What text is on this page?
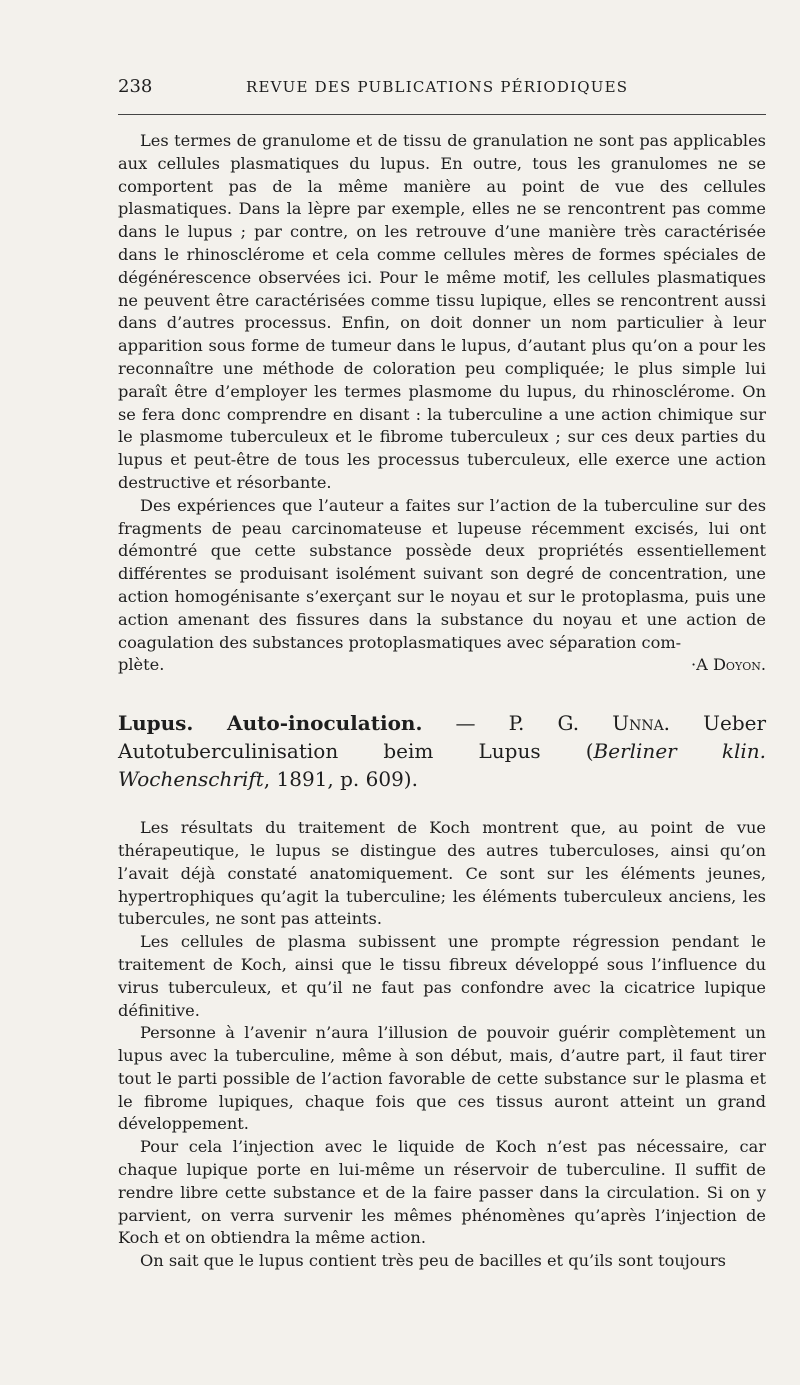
238	REVUE DES PUBLICATIONS PÉRIODIQUES

Les termes de granulome et de tissu de granulation ne sont pas applicables aux cellules plasmatiques du lupus. En outre, tous les granulomes ne se comportent pas de la même manière au point de vue des cellules plasmatiques. Dans la lèpre par exemple, elles ne se rencontrent pas comme dans le lupus ; par contre, on les retrouve d’une manière très caractérisée dans le rhinosclérome et cela comme cellules mères de formes spéciales de dégénérescence observées ici. Pour le même motif, les cellules plasmatiques ne peuvent être caractérisées comme tissu lupique, elles se rencontrent aussi dans d’autres processus. Enfin, on doit donner un nom particulier à leur apparition sous forme de tumeur dans le lupus, d’autant plus qu’on a pour les reconnaître une méthode de coloration peu compliquée; le plus simple lui paraît être d’employer les termes plasmome du lupus, du rhinosclérome. On se fera donc comprendre en disant : la tuberculine a une action chimique sur le plasmome tuberculeux et le fibrome tuberculeux ; sur ces deux parties du lupus et peut-être de tous les processus tuberculeux, elle exerce une action destructive et résorbante.

Des expériences que l’auteur a faites sur l’action de la tuberculine sur des fragments de peau carcinomateuse et lupeuse récemment excisés, lui ont démontré que cette substance possède deux propriétés essentiellement différentes se produisant isolément suivant son degré de concentration, une action homogénisante s’exerçant sur le noyau et sur le protoplasma, puis une action amenant des fissures dans la substance du noyau et une action de coagulation des substances protoplasmatiques avec séparation com-

plète.	·A Doyon.
Lupus. Auto-inoculation. — P. G. Unna. Ueber Autotuberculinisation beim Lupus (Berliner klin. Wochenschrift, 1891, p. 609).

Les résultats du traitement de Koch montrent que, au point de vue thérapeutique, le lupus se distingue des autres tuberculoses, ainsi qu’on l’avait déjà constaté anatomiquement. Ce sont sur les éléments jeunes, hypertrophiques qu’agit la tuberculine; les éléments tuberculeux anciens, les tubercules, ne sont pas atteints.

Les cellules de plasma subissent une prompte régression pendant le traitement de Koch, ainsi que le tissu fibreux développé sous l’influence du virus tuberculeux, et qu’il ne faut pas confondre avec la cicatrice lupique définitive.

Personne à l’avenir n’aura l’illusion de pouvoir guérir complètement un lupus avec la tuberculine, même à son début, mais, d’autre part, il faut tirer tout le parti possible de l’action favorable de cette substance sur le plasma et le fibrome lupiques, chaque fois que ces tissus auront atteint un grand développement.

Pour cela l’injection avec le liquide de Koch n’est pas nécessaire, car chaque lupique porte en lui-même un réservoir de tuberculine. Il suffit de rendre libre cette substance et de la faire passer dans la circulation. Si on y parvient, on verra survenir les mêmes phénomènes qu’après l’injection de Koch et on obtiendra la même action.

On sait que le lupus contient très peu de bacilles et qu’ils sont toujours
